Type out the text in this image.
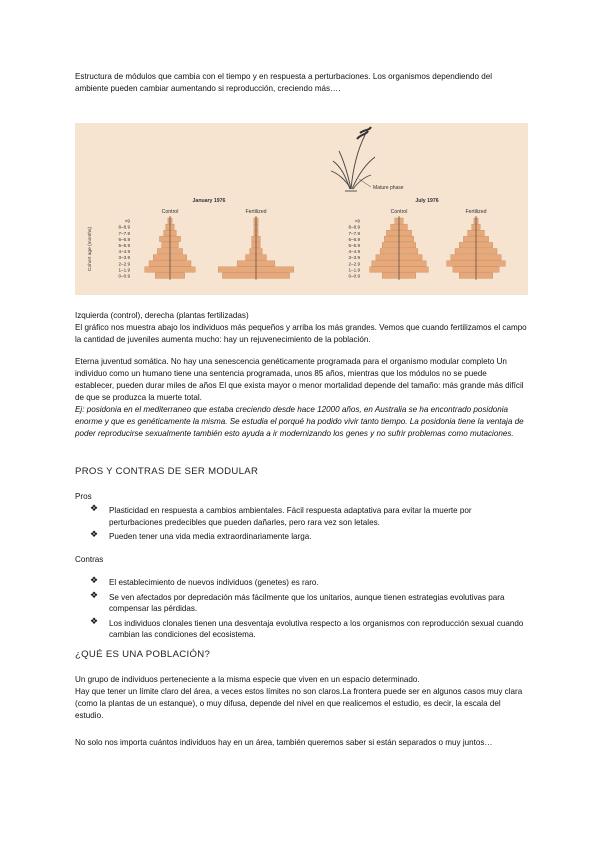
Estructura de módulos que cambia con el tiempo y en respuesta a perturbaciones. Los organismos dependiendo del ambiente pueden cambiar aumentando si reproducción, creciendo más….
Mature phase
January 1976	July 1976
Control	Fertilized	Control	Fertilized
Cohort age (months)
>9
8–8.9
7–7.9
6–6.9
5–5.9
4–4.9
3–3.9
2–2.9
1–1.9
0–0.9
>9
8–8.9
7–7.9
6–6.9
5–5.9
4–4.9
3–3.9
2–2.9
1–1.9
0–0.9
Izquierda (control), derecha (plantas fertilizadas)
El gráfico nos muestra abajo los individuos más pequeños y arriba los más grandes. Vemos que cuando fertilizamos el campo la cantidad de juveniles aumenta mucho: hay un rejuvenecimiento de la población.
Eterna juventud somática. No hay una senescencia genéticamente programada para el organismo modular completo Un individuo como un humano tiene una sentencia programada, unos 85 años, mientras que los módulos no se puede establecer, pueden durar miles de años El que exista mayor o menor mortalidad depende del tamaño: más grande más difícil de que se produzca la muerte total.
Ej: posidonia en el mediterraneo que estaba creciendo desde hace 12000 años, en Australia se ha encontrado posidonia enorme y que es genéticamente la misma. Se estudia el porqué ha podido vivir tanto tiempo. La posidonia tiene la ventaja de poder reproducirse sexualmente también esto ayuda a ir modernizando los genes y no sufrir problemas como mutaciones.
PROS Y CONTRAS DE SER MODULAR
Pros
❖ Plasticidad en respuesta a cambios ambientales. Fácil respuesta adaptativa para evitar la muerte por perturbaciones predecibles que pueden dañarles, pero rara vez son letales.
❖ Pueden tener una vida media extraordinariamente larga.
Contras
❖ El establecimiento de nuevos individuos (genetes) es raro.
❖ Se ven afectados por depredación más fácilmente que los unitarios, aunque tienen estrategias evolutivas para compensar las pérdidas.
❖ Los individuos clonales tienen una desventaja evolutiva respecto a los organismos con reproducción sexual cuando cambian las condiciones del ecosistema.
¿QUÉ ES UNA POBLACIÓN?
Un grupo de individuos perteneciente a la misma especie que viven en un espacio determinado.
Hay que tener un límite claro del área, a veces estos límites no son claros.La frontera puede ser en algunos casos muy clara (como la plantas de un estanque), o muy difusa, depende del nivel en que realicemos el estudio, es decir, la escala del estudio.
No solo nos importa cuántos individuos hay en un área, también queremos saber si están separados o muy juntos…
